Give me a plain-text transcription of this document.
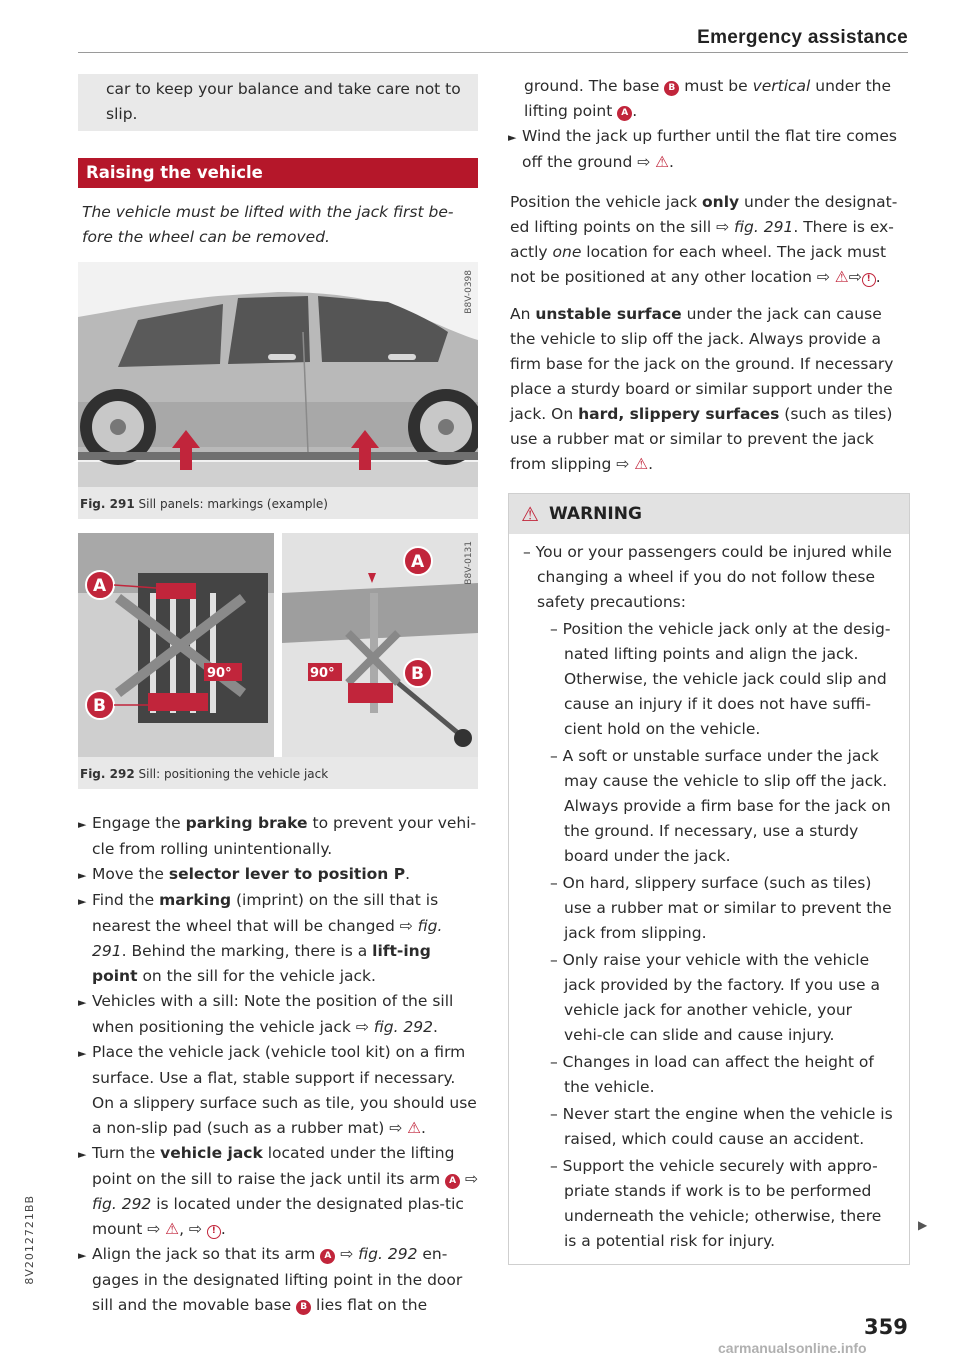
Emergency assistance

car to keep your balance and take care not to slip.

Raising the vehicle

The vehicle must be lifted with the jack first be-fore the wheel can be removed.

B8V-0398
Fig. 291 Sill panels: markings (example)
90°
A
B
90°
A
B
B8V-0131
Fig. 292 Sill: positioning the vehicle jack
► Engage the parking brake to prevent your vehi-cle from rolling unintentionally.
► Move the selector lever to position P.
► Find the marking (imprint) on the sill that is nearest the wheel that will be changed ⇨ fig. 291. Behind the marking, there is a lift-ing point on the sill for the vehicle jack.
► Vehicles with a sill: Note the position of the sill when positioning the vehicle jack ⇨ fig. 292.
► Place the vehicle jack (vehicle tool kit) on a firm surface. Use a flat, stable support if necessary. On a slippery surface such as tile, you should use a non-slip pad (such as a rubber mat) ⇨ ⚠.
► Turn the vehicle jack located under the lifting point on the sill to raise the jack until its arm A ⇨ fig. 292 is located under the designated plas-tic mount ⇨ ⚠, ⇨ ! .
► Align the jack so that its arm A ⇨ fig. 292 en-gages in the designated lifting point in the door sill and the movable base B lies flat on the

ground. The base B must be vertical under the lifting point A .

► Wind the jack up further until the flat tire comes off the ground ⇨ ⚠.

Position the vehicle jack only under the designat-ed lifting points on the sill ⇨ fig. 291. There is ex-actly one location for each wheel. The jack must not be positioned at any other location ⇨ ⚠⇨ ! .

An unstable surface under the jack can cause the vehicle to slip off the jack. Always provide a firm base for the jack on the ground. If necessary place a sturdy board or similar support under the jack. On hard, slippery surfaces (such as tiles) use a rubber mat or similar to prevent the jack from slipping ⇨ ⚠.

⚠ WARNING

– You or your passengers could be injured while changing a wheel if you do not follow these safety precautions:

– Position the vehicle jack only at the desig-nated lifting points and align the jack. Otherwise, the vehicle jack could slip and cause an injury if it does not have suffi-cient hold on the vehicle.

– A soft or unstable surface under the jack may cause the vehicle to slip off the jack. Always provide a firm base for the jack on the ground. If necessary, use a sturdy board under the jack.

– On hard, slippery surface (such as tiles) use a rubber mat or similar to prevent the jack from slipping.

– Only raise your vehicle with the vehicle jack provided by the factory. If you use a vehicle jack for another vehicle, your vehi-cle can slide and cause injury.

– Changes in load can affect the height of the vehicle.

– Never start the engine when the vehicle is raised, which could cause an accident.

– Support the vehicle securely with appro-priate stands if work is to be performed underneath the vehicle; otherwise, there is a potential risk for injury.

▶
359
8V2012721BB
carmanualsonline.info
